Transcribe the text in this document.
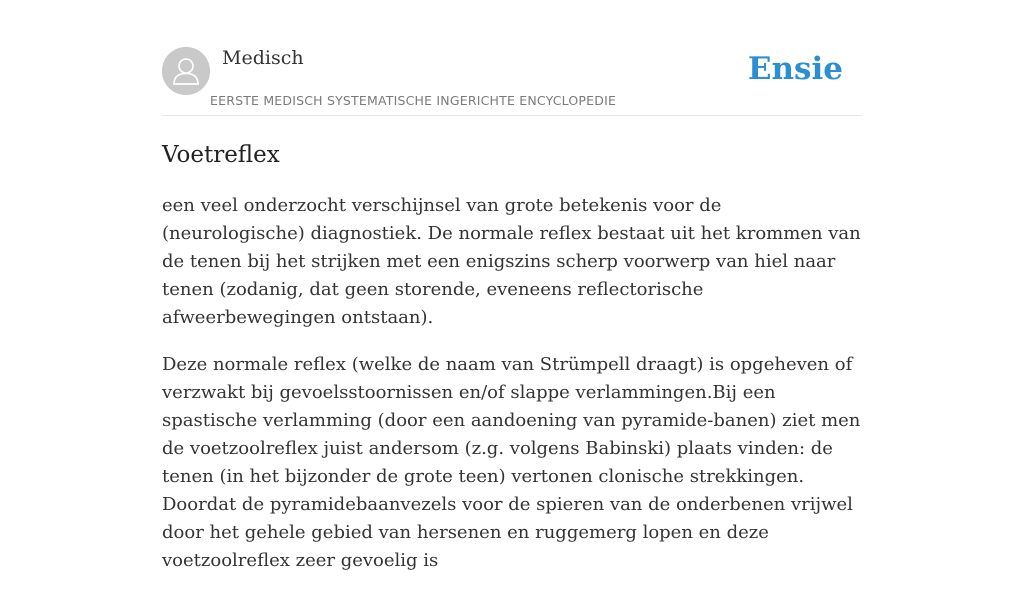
Medisch
EERSTE MEDISCH SYSTEMATISCHE INGERICHTE ENCYCLOPEDIE
Ensie
Voetreflex

een veel onderzocht verschijnsel van grote betekenis voor de (neurologische) diagnostiek. De normale reflex bestaat uit het krommen van de tenen bij het strijken met een enigszins scherp voorwerp van hiel naar tenen (zodanig, dat geen storende, eveneens reflectorische afweerbewegingen ontstaan).

Deze normale reflex (welke de naam van Strümpell draagt) is opgeheven of verzwakt bij gevoelsstoornissen en/of slappe verlammingen.Bij een spastische verlamming (door een aandoening van pyramide-banen) ziet men de voetzoolreflex juist andersom (z.g. volgens Babinski) plaats vinden: de tenen (in het bijzonder de grote teen) vertonen clonische strekkingen. Doordat de pyramidebaanvezels voor de spieren van de onderbenen vrijwel door het gehele gebied van hersenen en ruggemerg lopen en deze voetzoolreflex zeer gevoelig is
